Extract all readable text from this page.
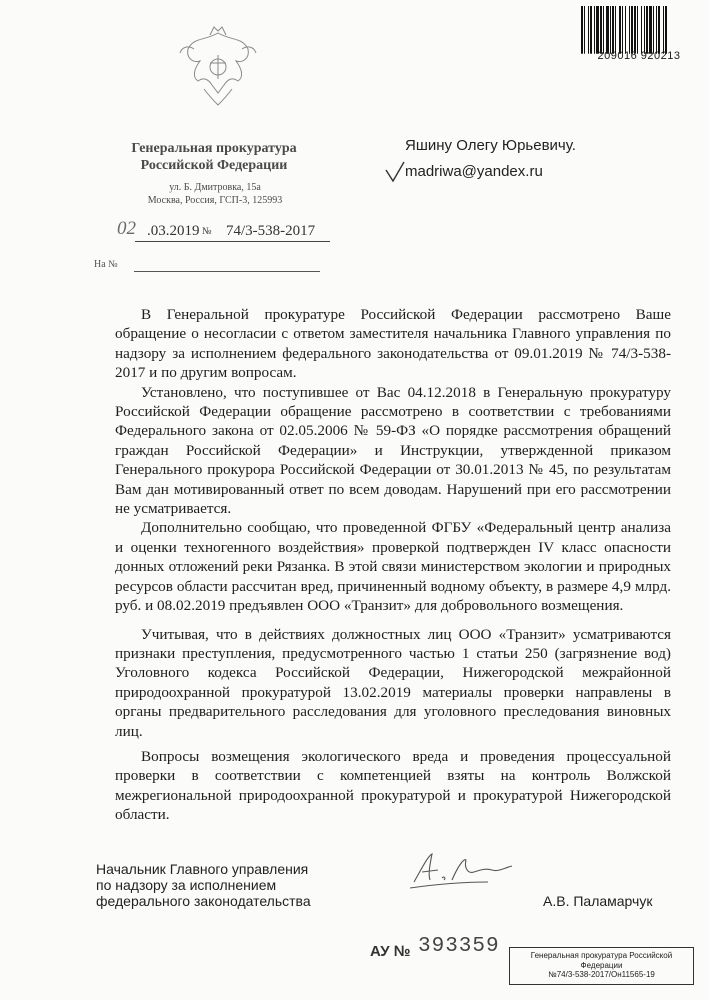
209016 920213
Генеральная прокуратура
Российской Федерации
ул. Б. Дмитровка, 15а
Москва, Россия, ГСП-3, 125993
02 .03.2019 № 74/3-538-2017
На №
Яшину Олегу Юрьевичу.
madriwa@yandex.ru

В Генеральной прокуратуре Российской Федерации рассмотрено Ваше обращение о несогласии с ответом заместителя начальника Главного управления по надзору за исполнением федерального законодательства от 09.01.2019 № 74/3-538-2017 и по другим вопросам.

Установлено, что поступившее от Вас 04.12.2018 в Генеральную прокуратуру Российской Федерации обращение рассмотрено в соответствии с требованиями Федерального закона от 02.05.2006 № 59-ФЗ «О порядке рассмотрения обращений граждан Российской Федерации» и Инструкции, утвержденной приказом Генерального прокурора Российской Федерации от 30.01.2013 № 45, по результатам Вам дан мотивированный ответ по всем доводам. Нарушений при его рассмотрении не усматривается.

Дополнительно сообщаю, что проведенной ФГБУ «Федеральный центр анализа и оценки техногенного воздействия» проверкой подтвержден IV класс опасности донных отложений реки Рязанка. В этой связи министерством экологии и природных ресурсов области рассчитан вред, причиненный водному объекту, в размере 4,9 млрд. руб. и 08.02.2019 предъявлен ООО «Транзит» для добровольного возмещения.

Учитывая, что в действиях должностных лиц ООО «Транзит» усматриваются признаки преступления, предусмотренного частью 1 статьи 250 (загрязнение вод) Уголовного кодекса Российской Федерации, Нижегородской межрайонной природоохранной прокуратурой 13.02.2019 материалы проверки направлены в органы предварительного расследования для уголовного преследования виновных лиц.

Вопросы возмещения экологического вреда и проведения процессуальной проверки в соответствии с компетенцией взяты на контроль Волжской межрегиональной природоохранной прокуратурой и прокуратурой Нижегородской области.

Начальник Главного управления
по надзору за исполнением
федерального законодательства	А.В. Паламарчук
АУ № 393359	Генеральная прокуратура Российской
Федерации
№74/3-538-2017/Он11565-19
